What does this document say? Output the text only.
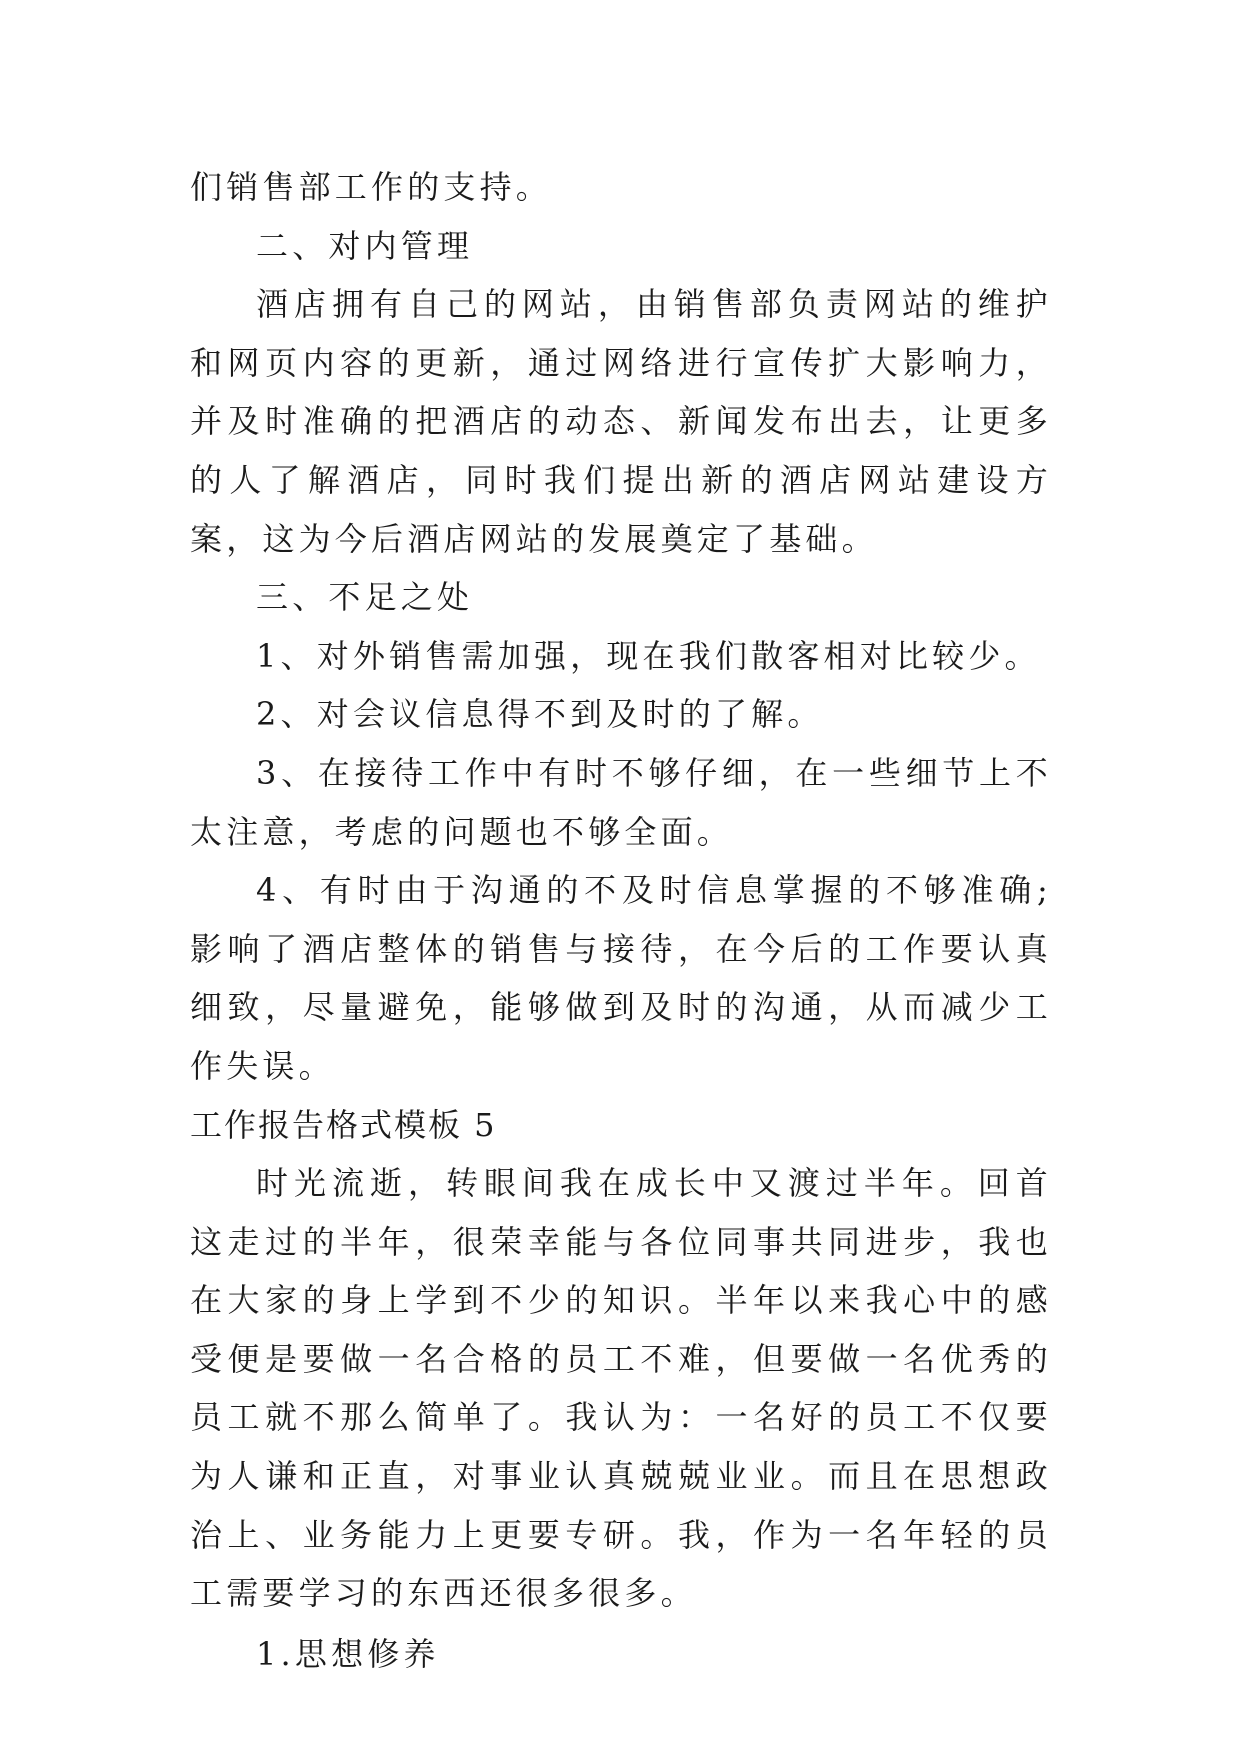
们销售部工作的支持。

二、对内管理

酒店拥有自己的网站，由销售部负责网站的维护和网页内容的更新，通过网络进行宣传扩大影响力，并及时准确的把酒店的动态、新闻发布出去，让更多的人了解酒店，同时我们提出新的酒店网站建设方案，这为今后酒店网站的发展奠定了基础。

三、不足之处

1、对外销售需加强，现在我们散客相对比较少。

2、对会议信息得不到及时的了解。

3、在接待工作中有时不够仔细，在一些细节上不太注意，考虑的问题也不够全面。

4、有时由于沟通的不及时信息掌握的不够准确;影响了酒店整体的销售与接待，在今后的工作要认真细致，尽量避免，能够做到及时的沟通，从而减少工作失误。

工作报告格式模板 5

时光流逝，转眼间我在成长中又渡过半年。回首这走过的半年，很荣幸能与各位同事共同进步，我也在大家的身上学到不少的知识。半年以来我心中的感受便是要做一名合格的员工不难，但要做一名优秀的员工就不那么简单了。我认为：一名好的员工不仅要为人谦和正直，对事业认真兢兢业业。而且在思想政治上、业务能力上更要专研。我，作为一名年轻的员工需要学习的东西还很多很多。

1.思想修养
